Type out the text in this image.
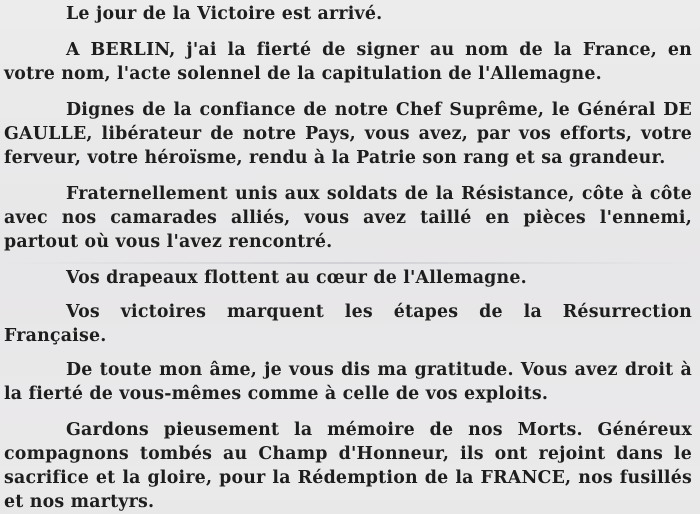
Le jour de la Victoire est arrivé.

A BERLIN, j'ai la fierté de signer au nom de la France, en votre nom, l'acte solennel de la capitulation de l'Allemagne.

Dignes de la confiance de notre Chef Suprême, le Général DE GAULLE, libérateur de notre Pays, vous avez, par vos efforts, votre ferveur, votre héroïsme, rendu à la Patrie son rang et sa grandeur.

Fraternellement unis aux soldats de la Résistance, côte à côte avec nos camarades alliés, vous avez taillé en pièces l'ennemi, partout où vous l'avez rencontré.

Vos drapeaux flottent au cœur de l'Allemagne.

Vos victoires marquent les étapes de la Résurrection Française.

De toute mon âme, je vous dis ma gratitude. Vous avez droit à la fierté de vous-mêmes comme à celle de vos exploits.

Gardons pieusement la mémoire de nos Morts. Généreux compagnons tombés au Champ d'Honneur, ils ont rejoint dans le sacrifice et la gloire, pour la Rédemption de la FRANCE, nos fusillés et nos martyrs.
